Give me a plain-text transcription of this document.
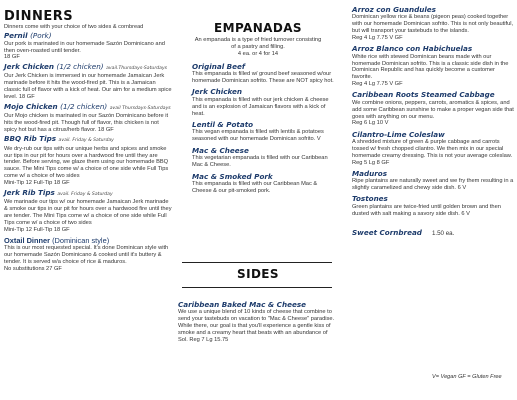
DINNERS
Dinners come with your choice of two sides & cornbread
Pernil (Pork)
Our pork is marinated in our homemade Sazón Dominicano and then oven-roasted until tender.
18 GF
Jerk Chicken (1/2 chicken) avail.Thursdays-Saturdays
Our Jerk Chicken is immersed in our homemade Jamaican Jerk marinade before it hits the wood-fired pit. This is a Jamaican classic full of flavor with a kick of heat. Our aim for a medium spice level. 18 GF
Mojo Chicken (1/2 chicken) avail Thursdays-Saturdays
Our Mojo chicken is marinated in our Sazón Dominicano before it hits the wood-fired pit. Though full of flavor, this chicken is not spicy hot but has a citrus/herb flavor. 18 GF
BBQ Rib Tips avail. Friday & Saturday
We dry-rub our tips with our unique herbs and spices and smoke our tips in our pit for hours over a hardwood fire until they are tender. Before serving, we glaze them using our homemade BBQ sauce. The Mini Tips come w/ a choice of one side while Full Tips come w/ a choice of two sides
Mini-Tip 12 Full-Tip 18 GF
Jerk Rib Tips avail. Friday & Saturday
We marinade our tips w/ our homemade Jamaican Jerk marinade & smoke our tips in our pit for hours over a hardwood fire until they are tender. The Mini Tips come w/ a choice of one side while Full Tips come w/ a choice of two sides
Mini-Tip 12 Full-Tip 18 GF
Oxtail Dinner (Dominican style)
This is our most requested special. It's done Dominican style with our homemade Sazón Dominicano & cooked until it's buttery & tender. It is served w/a choice of rice & maduros.
No substitutions 27 GF
EMPANADAS
An empanada is a type of fried turnover consisting
of a pastry and filling.
4 ea. or 4 for 14
Original Beef
This empanada is filled w/ ground beef seasoned w/our homemade Dominican sofrito. These are NOT spicy hot.
Jerk Chicken
This empanada is filled with our jerk chicken & cheese and is an explosion of Jamaican flavors with a kick of heat.
Lentil & Potato
This vegan empanada is filled with lentils & potatoes seasoned with our homemade Dominican sofrito. V
Mac & Cheese
This vegetarian empanada is filled with our Caribbean Mac & Cheese.
Mac & Smoked Pork
This empanada is filled with our Caribbean Mac & Cheese & our pit-smoked pork.
SIDES
Caribbean Baked Mac & Cheese
We use a unique blend of 10 kinds of cheese that combine to send your tastebuds on vacation to "Mac & Cheese" paradise. While there, our goal is that you'll experience a gentle kiss of smoke and a creamy heart that beats with an abundance of Sol. Reg 7 Lg 15.75
Arroz con Guandules
Dominican yellow rice & beans (pigeon peas) cooked together with our homemade Dominican sofrito. This is not only beautiful, but will transport your tastebuds to the islands.
Reg 4 Lg 7.75 V GF
Arroz Blanco con Habichuelas
White rice with stewed Dominican beans made with our homemade Dominican sofrito. This is a classic side dish in the Dominican Republic and has quickly become a customer favorite.
Reg 4 Lg 7.75 V GF
Caribbean Roots Steamed Cabbage
We combine onions, peppers, carrots, aromatics & spices, and add some Caribbean sunshine to make a proper vegan side that goes with anything on our menu.
Reg 6 Lg 10 V
Cilantro-Lime Coleslaw
A shredded mixture of green & purple cabbage and carrots tossed w/ fresh chopped cilantro. We then mix in our special homemade creamy dressing. This is not your average coleslaw.
Reg 5 Lg 8 GF
Maduros
Ripe plantains are naturally sweet and we fry them resulting in a slightly caramelized and chewy side dish. 6 V
Tostones
Green plantains are twice-fried until golden brown and then dusted with salt making a savory side dish. 6 V
Sweet Cornbread 1.50 ea.
V= Vegan GF = Gluten Free
